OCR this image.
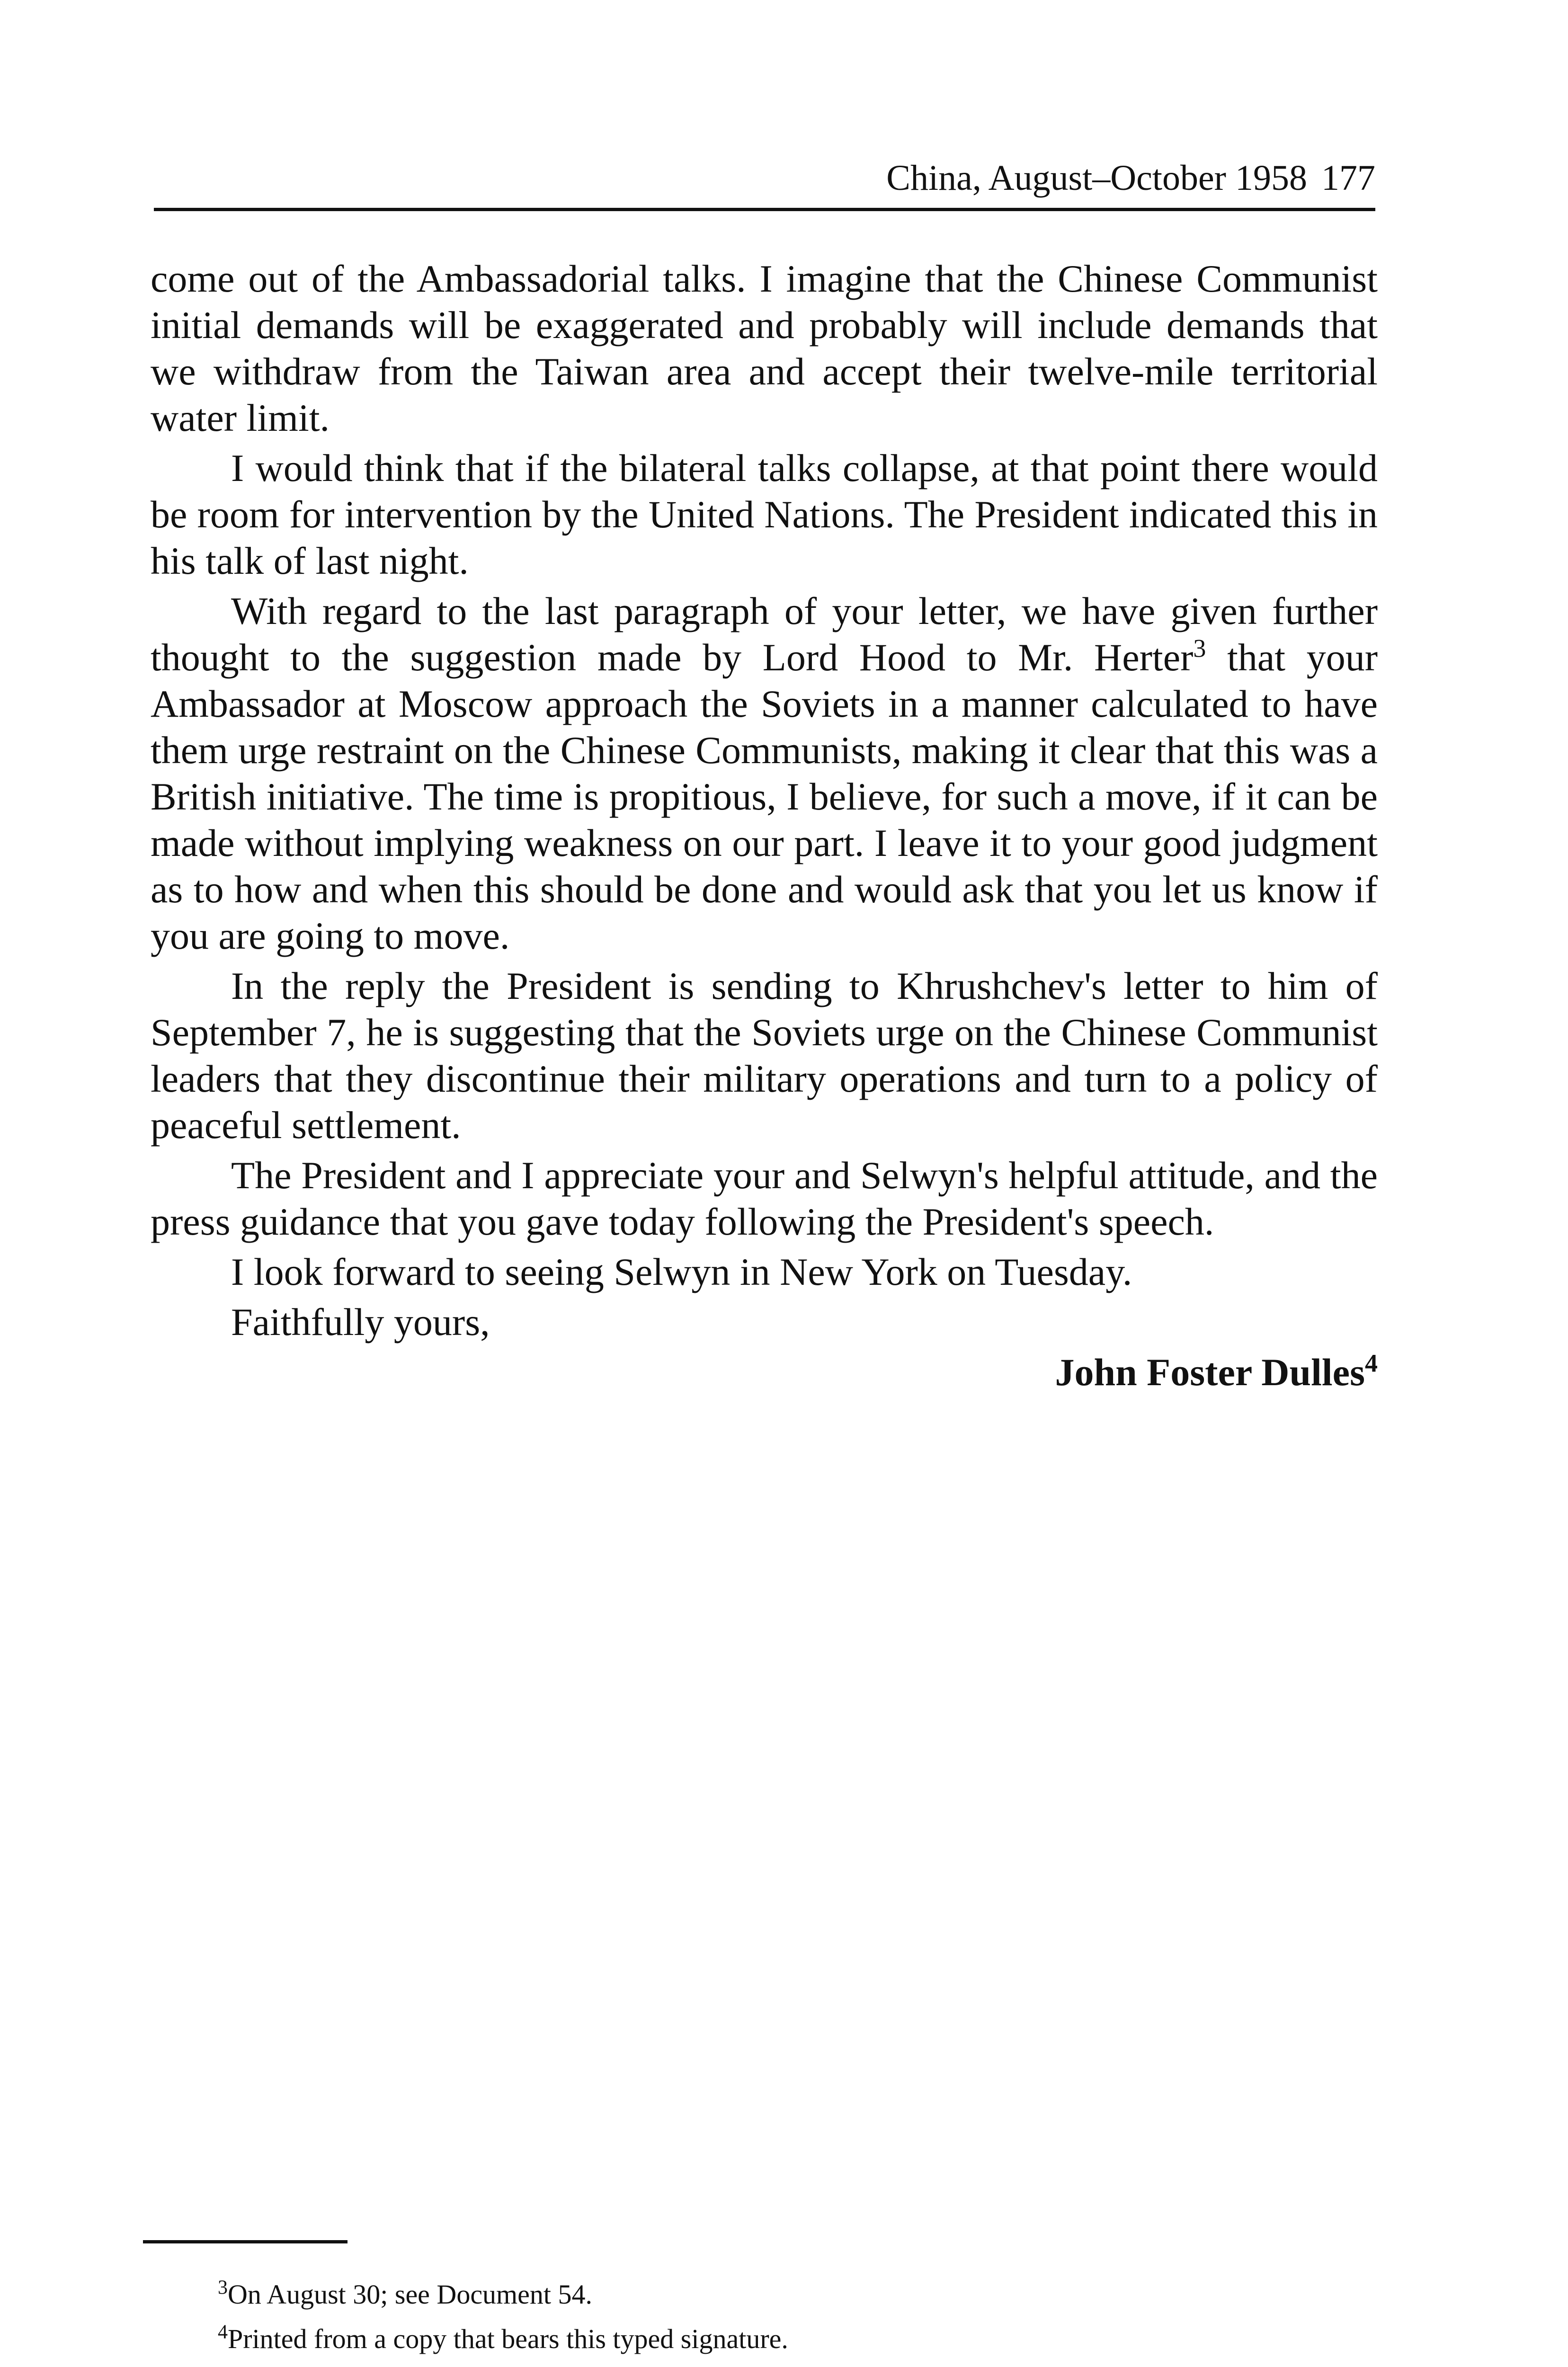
China, August–October 1958 177

come out of the Ambassadorial talks. I imagine that the Chinese Communist initial demands will be exaggerated and probably will include demands that we withdraw from the Taiwan area and accept their twelve-mile territorial water limit.

I would think that if the bilateral talks collapse, at that point there would be room for intervention by the United Nations. The President indicated this in his talk of last night.

With regard to the last paragraph of your letter, we have given further thought to the suggestion made by Lord Hood to Mr. Herter$^3$ that your Ambassador at Moscow approach the Soviets in a manner calculated to have them urge restraint on the Chinese Communists, making it clear that this was a British initiative. The time is propitious, I believe, for such a move, if it can be made without implying weakness on our part. I leave it to your good judgment as to how and when this should be done and would ask that you let us know if you are going to move.

In the reply the President is sending to Khrushchev's letter to him of September 7, he is suggesting that the Soviets urge on the Chinese Communist leaders that they discontinue their military operations and turn to a policy of peaceful settlement.

The President and I appreciate your and Selwyn's helpful attitude, and the press guidance that you gave today following the President's speech.

I look forward to seeing Selwyn in New York on Tuesday.

Faithfully yours,

John Foster Dulles$^4$
$^3$On August 30; see Document 54.
$^4$Printed from a copy that bears this typed signature.
